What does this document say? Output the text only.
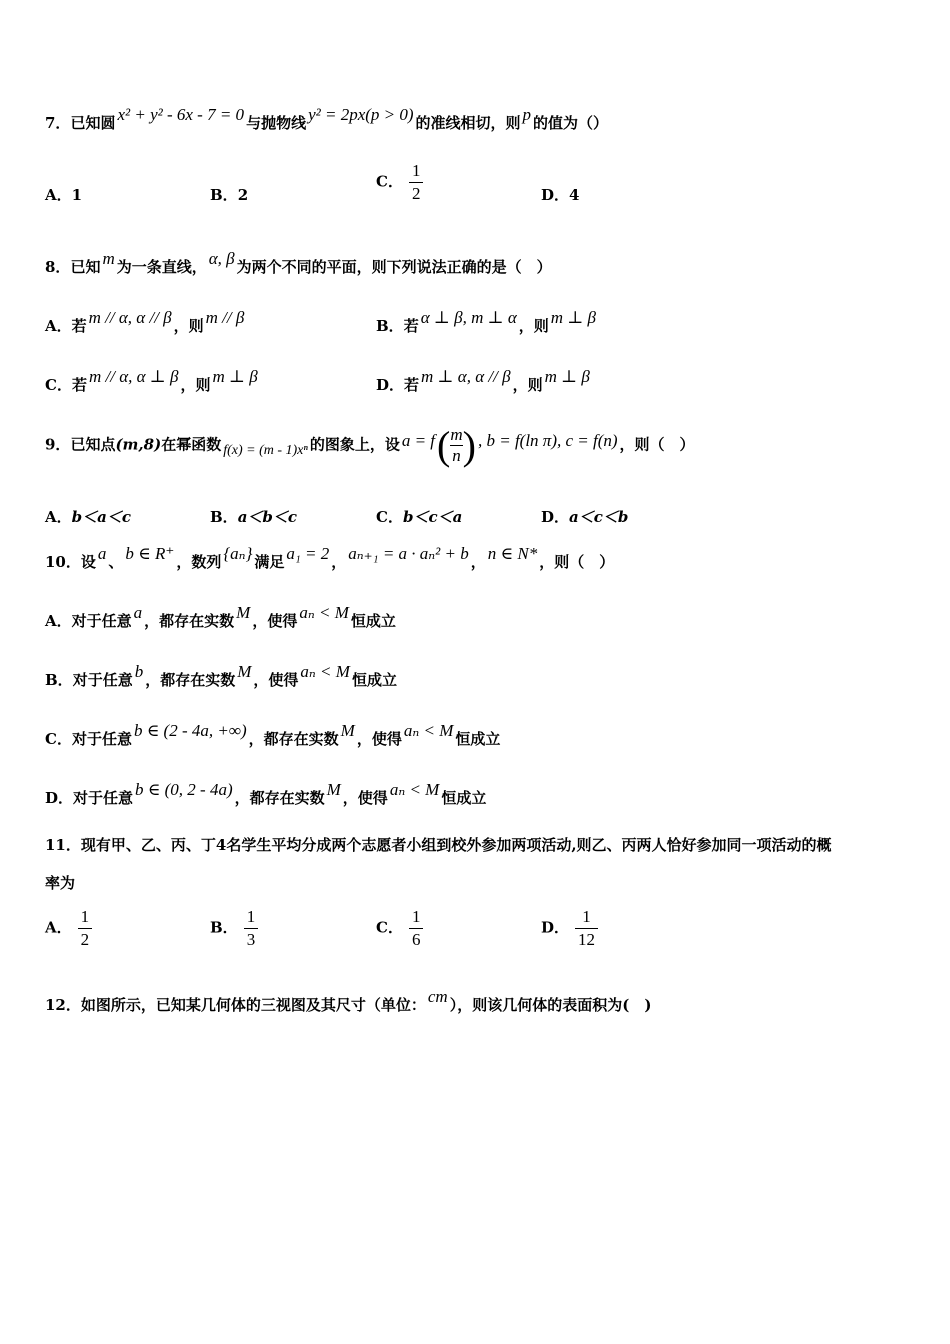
7．已知圆 x² + y² - 6x - 7 = 0 与抛物线 y² = 2px(p > 0) 的准线相切，则 p 的值为（）
A．1	B．2
C． $\frac{1}{2}$	D．4
8．已知 m 为一条直线， α, β 为两个不同的平面，则下列说法正确的是（　）
A．若 m // α, α // β ，则 m // β	B．若 α ⊥ β, m ⊥ α ，则 m ⊥ β
C．若 m // α, α ⊥ β ，则 m ⊥ β	D．若 m ⊥ α, α // β ，则 m ⊥ β
9．已知点(m,8)在幂函数 f(x) = (m - 1)xⁿ 的图象上，设 $a = f( \frac{m}{n}$ ) , b = f(ln π), c = f(n) ，则（　）
A．b＜a＜c	B．a＜b＜c	C．b＜c＜a	D．a＜c＜b
10．设 a 、 b ∈ R⁺ ，数列 {aₙ} 满足 a₁ = 2 ， aₙ₊₁ = a · aₙ² + b ， n ∈ N* ，则（　）
A．对于任意 a ，都存在实数 M ，使得 aₙ < M 恒成立
B．对于任意 b ，都存在实数 M ，使得 aₙ < M 恒成立
C．对于任意 b ∈ (2 - 4a, +∞) ，都存在实数 M ，使得 aₙ < M 恒成立
D．对于任意 b ∈ (0, 2 - 4a) ，都存在实数 M ，使得 aₙ < M 恒成立
11．现有甲、乙、丙、丁4名学生平均分成两个志愿者小组到校外参加两项活动,则乙、丙两人恰好参加同一项活动的概
率为
A． $\frac{1}{2}$	B． $\frac{1}{3}$	C． $\frac{1}{6}$	D． $\frac{1}{12}$
12．如图所示，已知某几何体的三视图及其尺寸（单位： cm ），则该几何体的表面积为(　)
